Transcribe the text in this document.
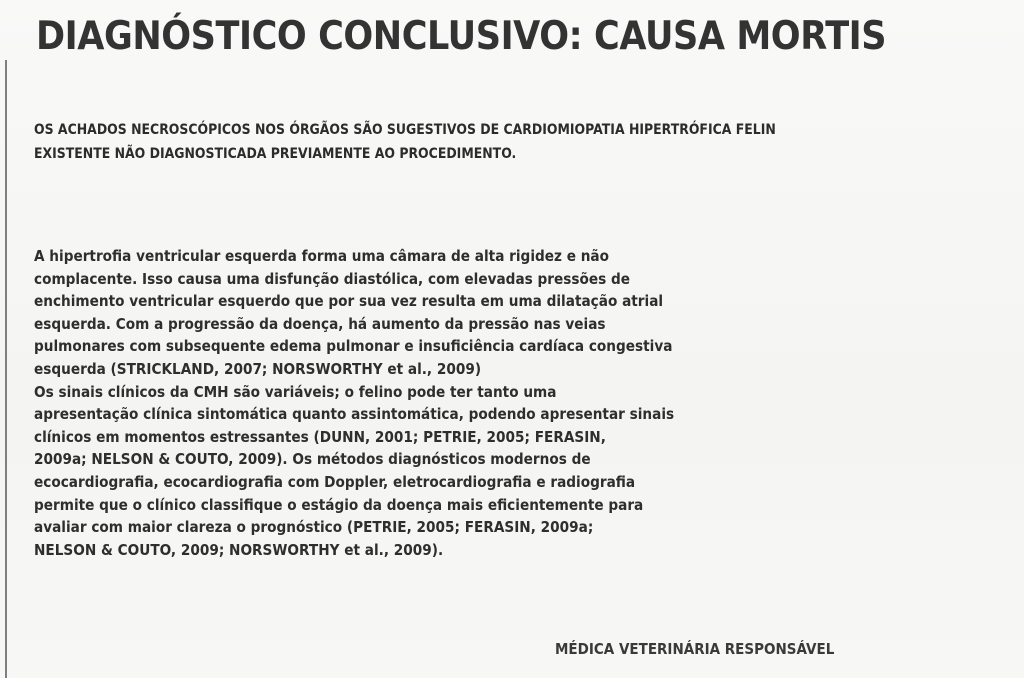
DIAGNÓSTICO CONCLUSIVO: CAUSA MORTIS
OS ACHADOS NECROSCÓPICOS NOS ÓRGÃOS SÃO SUGESTIVOS DE CARDIOMIOPATIA HIPERTRÓFICA FELIN
EXISTENTE NÃO DIAGNOSTICADA PREVIAMENTE AO PROCEDIMENTO.
A hipertrofia ventricular esquerda forma uma câmara de alta rigidez e não
complacente. Isso causa uma disfunção diastólica, com elevadas pressões de
enchimento ventricular esquerdo que por sua vez resulta em uma dilatação atrial
esquerda. Com a progressão da doença, há aumento da pressão nas veias
pulmonares com subsequente edema pulmonar e insuficiência cardíaca congestiva
esquerda (STRICKLAND, 2007; NORSWORTHY et al., 2009)
Os sinais clínicos da CMH são variáveis; o felino pode ter tanto uma
apresentação clínica sintomática quanto assintomática, podendo apresentar sinais
clínicos em momentos estressantes (DUNN, 2001; PETRIE, 2005; FERASIN,
2009a; NELSON & COUTO, 2009). Os métodos diagnósticos modernos de
ecocardiografia, ecocardiografia com Doppler, eletrocardiografia e radiografia
permite que o clínico classifique o estágio da doença mais eficientemente para
avaliar com maior clareza o prognóstico (PETRIE, 2005; FERASIN, 2009a;
NELSON & COUTO, 2009; NORSWORTHY et al., 2009).
MÉDICA VETERINÁRIA RESPONSÁVEL
